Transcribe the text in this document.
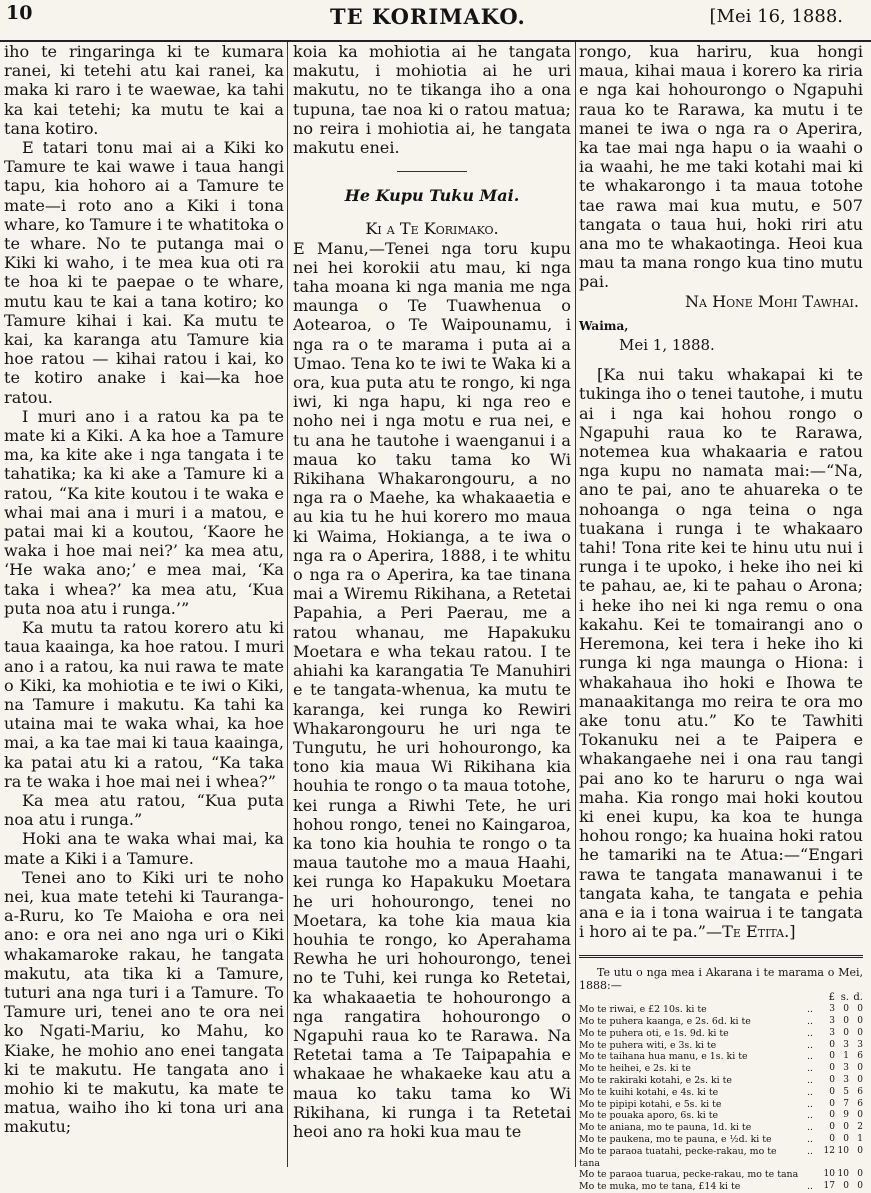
10	TE KORIMAKO.	[Mei 16, 1888.

iho te ringaringa ki te kumara ranei, ki tetehi atu kai ranei, ka maka ki raro i te waewae, ka tahi ka kai tetehi; ka mutu te kai a tana kotiro.

E tatari tonu mai ai a Kiki ko Tamure te kai wawe i taua hangi tapu, kia hohoro ai a Tamure te mate—i roto ano a Kiki i tona whare, ko Tamure i te whatitoka o te whare. No te putanga mai o Kiki ki waho, i te mea kua oti ra te hoa ki te paepae o te whare, mutu kau te kai a tana kotiro; ko Tamure kihai i kai. Ka mutu te kai, ka karanga atu Tamure kia hoe ratou — kihai ratou i kai, ko te kotiro anake i kai—ka hoe ratou.

I muri ano i a ratou ka pa te mate ki a Kiki. A ka hoe a Tamure ma, ka kite ake i nga tangata i te tahatika; ka ki ake a Tamure ki a ratou, “Ka kite koutou i te waka e whai mai ana i muri i a matou, e patai mai ki a koutou, ‘Kaore he waka i hoe mai nei?’ ka mea atu, ‘He waka ano;’ e mea mai, ‘Ka taka i whea?’ ka mea atu, ‘Kua puta noa atu i runga.’”

Ka mutu ta ratou korero atu ki taua kaainga, ka hoe ratou. I muri ano i a ratou, ka nui rawa te mate o Kiki, ka mohiotia e te iwi o Kiki, na Tamure i makutu. Ka tahi ka utaina mai te waka whai, ka hoe mai, a ka tae mai ki taua kaainga, ka patai atu ki a ratou, “Ka taka ra te waka i hoe mai nei i whea?”

Ka mea atu ratou, “Kua puta noa atu i runga.”

Hoki ana te waka whai mai, ka mate a Kiki i a Tamure.

Tenei ano to Kiki uri te noho nei, kua mate tetehi ki Tauranga-a-Ruru, ko Te Maioha e ora nei ano: e ora nei ano nga uri o Kiki whakamaroke rakau, he tangata makutu, ata tika ki a Tamure, tuturi ana nga turi i a Tamure. To Tamure uri, tenei ano te ora nei ko Ngati-Mariu, ko Mahu, ko Kiake, he mohio ano enei tangata ki te makutu. He tangata ano i mohio ki te makutu, ka mate te matua, waiho iho ki tona uri ana makutu;

koia ka mohiotia ai he tangata makutu, i mohiotia ai he uri makutu, no te tikanga iho a ona tupuna, tae noa ki o ratou matua; no reira i mohiotia ai, he tangata makutu enei.

He Kupu Tuku Mai.

Ki a Te Korimako.

E Manu,—Tenei nga toru kupu nei hei korokii atu mau, ki nga taha moana ki nga mania me nga maunga o Te Tuawhenua o Aotearoa, o Te Waipounamu, i nga ra o te marama i puta ai a Umao. Tena ko te iwi te Waka ki a ora, kua puta atu te rongo, ki nga iwi, ki nga hapu, ki nga reo e noho nei i nga motu e rua nei, e tu ana he tautohe i waenganui i a maua ko taku tama ko Wi Rikihana Whakarongouru, a no nga ra o Maehe, ka whakaaetia e au kia tu he hui korero mo maua ki Waima, Hokianga, a te iwa o nga ra o Aperira, 1888, i te whitu o nga ra o Aperira, ka tae tinana mai a Wiremu Rikihana, a Retetai Papahia, a Peri Paerau, me a ratou whanau, me Hapakuku Moetara e wha tekau ratou. I te ahiahi ka karangatia Te Manuhiri e te tangata-whenua, ka mutu te karanga, kei runga ko Rewiri Whakarongouru he uri nga te Tungutu, he uri hohourongo, ka tono kia maua Wi Rikihana kia houhia te rongo o ta maua totohe, kei runga a Riwhi Tete, he uri hohou rongo, tenei no Kaingaroa, ka tono kia houhia te rongo o ta maua tautohe mo a maua Haahi, kei runga ko Hapakuku Moetara he uri hohourongo, tenei no Moetara, ka tohe kia maua kia houhia te rongo, ko Aperahama Rewha he uri hohourongo, tenei no te Tuhi, kei runga ko Retetai, ka whakaaetia te hohourongo a nga rangatira hohourongo o Ngapuhi raua ko te Rarawa. Na Retetai tama a Te Taipapahia e whakaae he whakaeke kau atu a maua ko taku tama ko Wi Rikihana, ki runga i ta Retetai heoi ano ra hoki kua mau te

rongo, kua hariru, kua hongi maua, kihai maua i korero ka riria e nga kai hohourongo o Ngapuhi raua ko te Rarawa, ka mutu i te manei te iwa o nga ra o Aperira, ka tae mai nga hapu o ia waahi o ia waahi, he me taki kotahi mai ki te whakarongo i ta maua totohe tae rawa mai kua mutu, e 507 tangata o taua hui, hoki riri atu ana mo te whakaotinga. Heoi kua mau ta mana rongo kua tino mutu pai.

Na Hone Mohi Tawhai.

Waima,

Mei 1, 1888.

[Ka nui taku whakapai ki te tukinga iho o tenei tautohe, i mutu ai i nga kai hohou rongo o Ngapuhi raua ko te Rarawa, notemea kua whakaaria e ratou nga kupu no namata mai:—“Na, ano te pai, ano te ahuareka o te nohoanga o nga teina o nga tuakana i runga i te whakaaro tahi! Tona rite kei te hinu utu nui i runga i te upoko, i heke iho nei ki te pahau, ae, ki te pahau o Arona; i heke iho nei ki nga remu o ona kakahu. Kei te tomairangi ano o Heremona, kei tera i heke iho ki runga ki nga maunga o Hiona: i whakahaua iho hoki e Ihowa te manaakitanga mo reira te ora mo ake tonu atu.” Ko te Tawhiti Tokanuku nei a te Paipera e whakangaehe nei i ona rau tangi pai ano ko te haruru o nga wai maha. Kia rongo mai hoki koutou ki enei kupu, ka koa te hunga hohou rongo; ka huaina hoki ratou he tamariki na te Atua:—“Engari rawa te tangata manawanui i te tangata kaha, te tangata e pehia ana e ia i tona wairua i te tangata i horo ai te pa.”—Te Etita.]

Te utu o nga mea i Akarana i te marama o Mei, 1888:—

		£	s.	d.
Mo te riwai, e £2 10s. ki te	..	3	0	0
Mo te puhera kaanga, e 2s. 6d. ki te	..	3	0	0
Mo te puhera oti, e 1s. 9d. ki te	..	3	0	0
Mo te puhera witi, e 3s. ki te	..	0	3	3
Mo te taihana hua manu, e 1s. ki te	..	0	1	6
Mo te heihei, e 2s. ki te	..	0	3	0
Mo te rakiraki kotahi, e 2s. ki te	..	0	3	0
Mo te kuihi kotahi, e 4s. ki te	..	0	5	6
Mo te pipipi kotahi, e 5s. ki te	..	0	7	6
Mo te pouaka aporo, 6s. ki te	..	0	9	0
Mo te aniana, mo te pauna, 1d. ki te	..	0	0	2
Mo te paukena, mo te pauna, e ½d. ki te	..	0	0	1
Mo te paraoa tuatahi, pecke-rakau, mo te tana	..	12	10	0
Mo te paraoa tuarua, pecke-rakau, mo te tana		10	10	0
Mo te muka, mo te tana, £14 ki te	..	17	0	0
